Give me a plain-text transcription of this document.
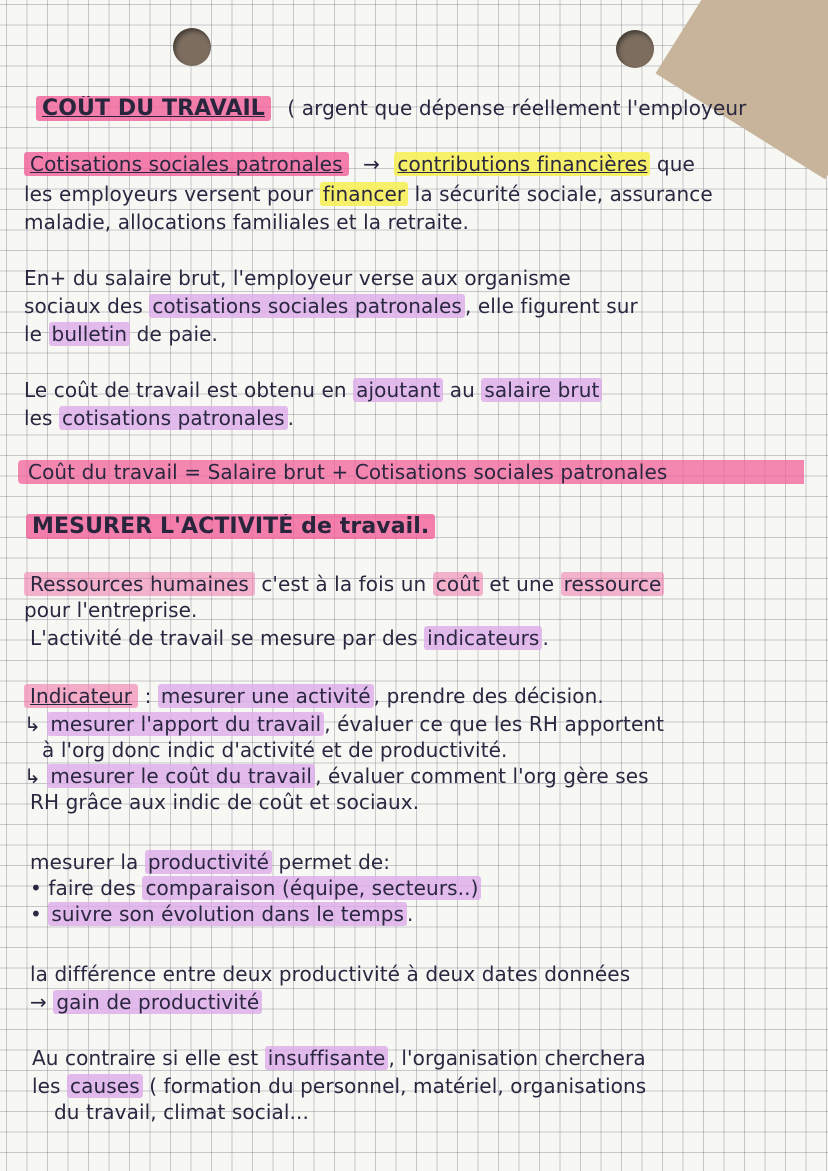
COÛT DU TRAVAIL ( argent que dépense réellement l'employeur
Cotisations sociales patronales → contributions financières que
les employeurs versent pour financer la sécurité sociale, assurance
maladie, allocations familiales et la retraite.
En+ du salaire brut, l'employeur verse aux organisme
sociaux des cotisations sociales patronales , elle figurent sur
le bulletin de paie.
Le coût de travail est obtenu en ajoutant au salaire brut
les cotisations patronales .
Coût du travail = Salaire brut + Cotisations sociales patronales
MESURER L'ACTIVITÉ de travail.
Ressources humaines c'est à la fois un coût et une ressource
pour l'entreprise.
L'activité de travail se mesure par des indicateurs .
Indicateur : mesurer une activité , prendre des décision.
↳ mesurer l'apport du travail , évaluer ce que les RH apportent
à l'org donc indic d'activité et de productivité.
↳ mesurer le coût du travail , évaluer comment l'org gère ses
RH grâce aux indic de coût et sociaux.
mesurer la productivité permet de:
• faire des comparaison (équipe, secteurs..)
• suivre son évolution dans le temps .
la différence entre deux productivité à deux dates données
→ gain de productivité
Au contraire si elle est insuffisante , l'organisation cherchera
les causes ( formation du personnel, matériel, organisations
du travail, climat social...
